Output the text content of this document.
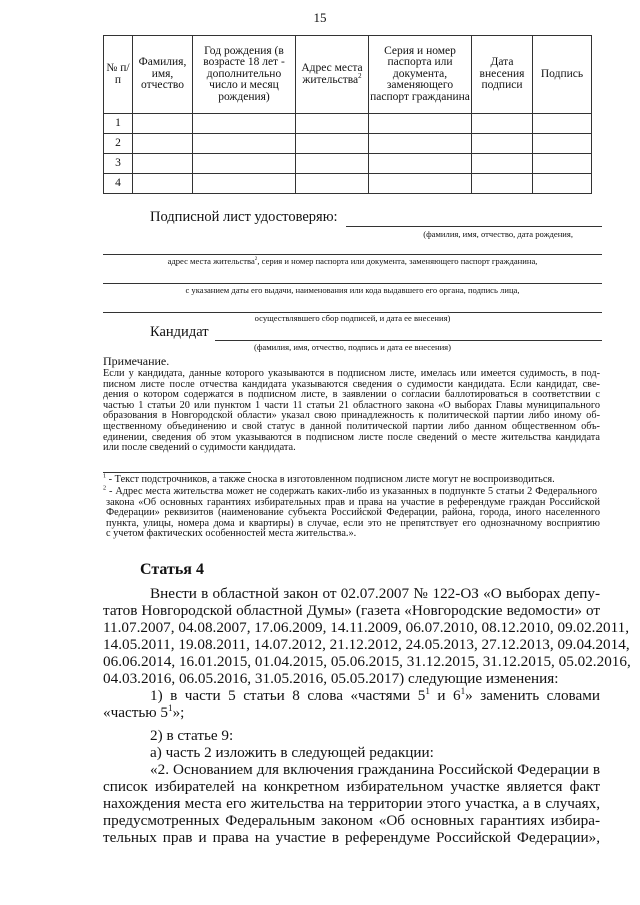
15
№ п/п	Фамилия, имя, отчество	Год рождения (в возрасте 18 лет - дополнительно число и месяц рождения)	Адрес места жительства$^2$	Серия и номер паспорта или документа, заменяющего паспорт гражданина	Дата внесения подписи	Подпись
1						
2						
3						
4						
Подписной лист удостоверяю:
(фамилия, имя, отчество, дата рождения,
адрес места жительства$^2$, серия и номер паспорта или документа, заменяющего паспорт гражданина,
с указанием даты его выдачи, наименования или кода выдавшего его органа, подпись лица,
осуществлявшего сбор подписей, и дата ее внесения)
Кандидат
(фамилия, имя, отчество, подпись и дата ее внесения)
Примечание.
Если у кандидата, данные которого указываются в подписном листе, имелась или имеется судимость, в под-
писном листе после отчества кандидата указываются сведения о судимости кандидата. Если кандидат, све-
дения о котором содержатся в подписном листе, в заявлении о согласии баллотироваться в соответствии с
частью 1 статьи 20 или пунктом 1 части 11 статьи 21 областного закона «О выборах Главы муниципального
образования в Новгородской области» указал свою принадлежность к политической партии либо иному об-
щественному объединению и свой статус в данной политической партии либо данном общественном объ-
единении, сведения об этом указываются в подписном листе после сведений о месте жительства кандидата
или после сведений о судимости кандидата.
$^1$ - Текст подстрочников, а также сноска в изготовленном подписном листе могут не воспроизводиться.
$^2$ - Адрес места жительства может не содержать каких-либо из указанных в подпункте 5 статьи 2 Федерального
закона «Об основных гарантиях избирательных прав и права на участие в референдуме граждан Российской
Федерации» реквизитов (наименование субъекта Российской Федерации, района, города, иного населенного
пункта, улицы, номера дома и квартиры) в случае, если это не препятствует его однозначному восприятию
с учетом фактических особенностей места жительства.».
Статья 4
Внести в областной закон от 02.07.2007 № 122-ОЗ «О выборах депу-
татов Новгородской областной Думы» (газета «Новгородские ведомости» от
11.07.2007, 04.08.2007, 17.06.2009, 14.11.2009, 06.07.2010, 08.12.2010, 09.02.2011,
14.05.2011, 19.08.2011, 14.07.2012, 21.12.2012, 24.05.2013, 27.12.2013, 09.04.2014,
06.06.2014, 16.01.2015, 01.04.2015, 05.06.2015, 31.12.2015, 31.12.2015, 05.02.2016,
04.03.2016, 06.05.2016, 31.05.2016, 05.05.2017) следующие изменения:
1) в части 5 статьи 8 слова «частями $5^1$ и $6^1$» заменить словами
«частью $5^1$»;
2) в статье 9:
а) часть 2 изложить в следующей редакции:
«2. Основанием для включения гражданина Российской Федерации в
список избирателей на конкретном избирательном участке является факт
нахождения места его жительства на территории этого участка, а в случаях,
предусмотренных Федеральным законом «Об основных гарантиях избира-
тельных прав и права на участие в референдуме Российской Федерации»,
